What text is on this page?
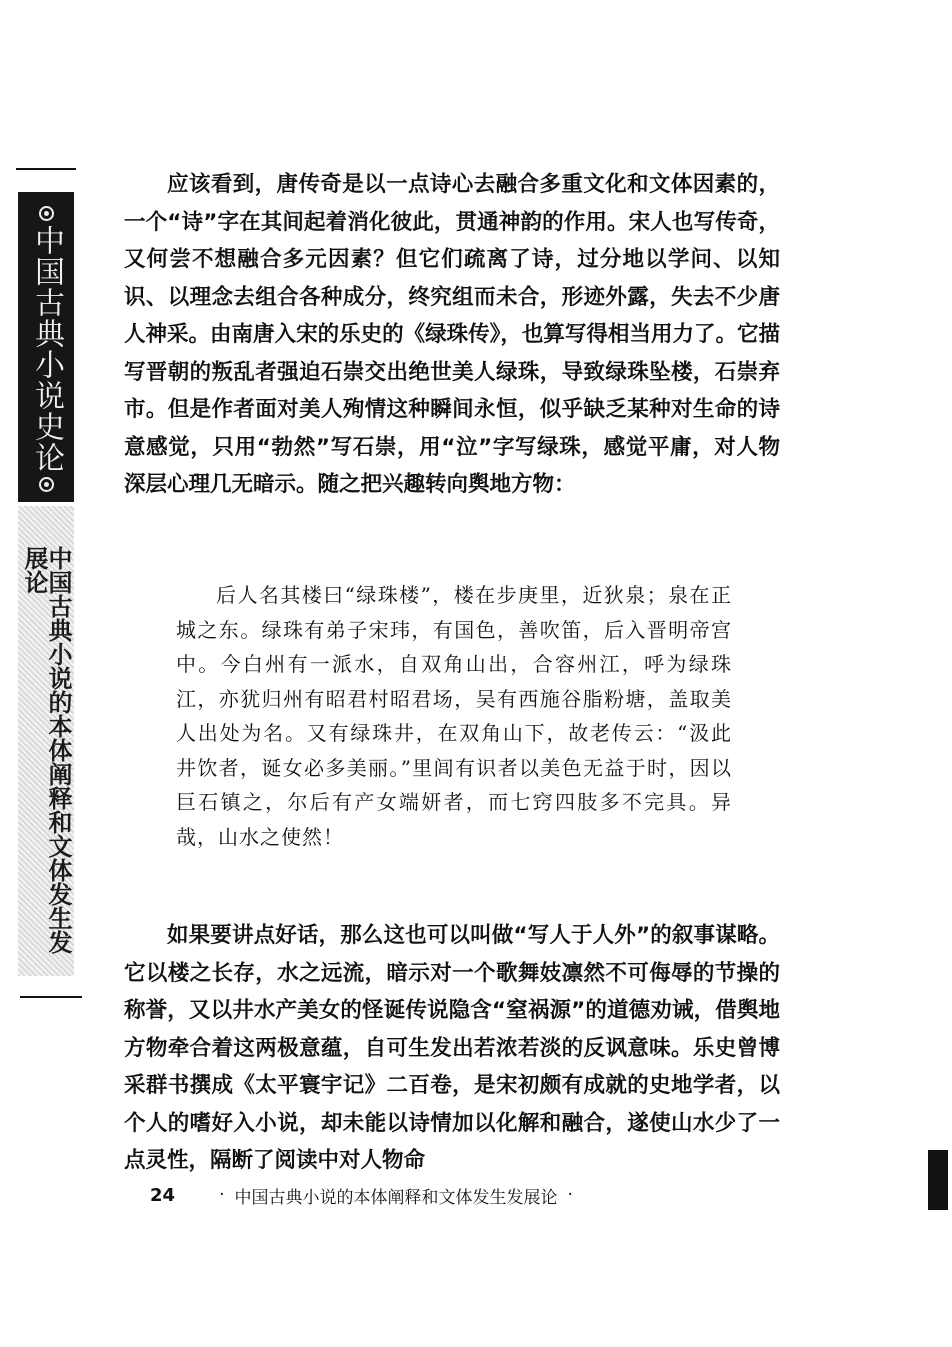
中国古典小说史论
中国古典小说的本体阐释和文体发生发展论

应该看到，唐传奇是以一点诗心去融合多重文化和文体因素的，一个“诗”字在其间起着消化彼此，贯通神韵的作用。宋人也写传奇，又何尝不想融合多元因素？但它们疏离了诗，过分地以学问、以知识、以理念去组合各种成分，终究组而未合，形迹外露，失去不少唐人神采。由南唐入宋的乐史的《绿珠传》，也算写得相当用力了。它描写晋朝的叛乱者强迫石崇交出绝世美人绿珠，导致绿珠坠楼，石崇弃市。但是作者面对美人殉情这种瞬间永恒，似乎缺乏某种对生命的诗意感觉，只用“勃然”写石崇，用“泣”字写绿珠，感觉平庸，对人物深层心理几无暗示。随之把兴趣转向舆地方物：

后人名其楼曰“绿珠楼”，楼在步庚里，近狄泉；泉在正城之东。绿珠有弟子宋玮，有国色，善吹笛，后入晋明帝宫中。今白州有一派水，自双角山出，合容州江，呼为绿珠江，亦犹归州有昭君村昭君场，吴有西施谷脂粉塘，盖取美人出处为名。又有绿珠井，在双角山下，故老传云：“汲此井饮者，诞女必多美丽。”里闾有识者以美色无益于时，因以巨石镇之，尔后有产女端妍者，而七窍四肢多不完具。异哉，山水之使然！

如果要讲点好话，那么这也可以叫做“写人于人外”的叙事谋略。它以楼之长存，水之远流，暗示对一个歌舞妓凛然不可侮辱的节操的称誉，又以井水产美女的怪诞传说隐含“窒祸源”的道德劝诫，借舆地方物牵合着这两极意蕴，自可生发出若浓若淡的反讽意味。乐史曾博采群书撰成《太平寰宇记》二百卷，是宋初颇有成就的史地学者，以个人的嗜好入小说，却未能以诗情加以化解和融合，遂使山水少了一点灵性，隔断了阅读中对人物命

24	· 中国古典小说的本体阐释和文体发生发展论 ·
